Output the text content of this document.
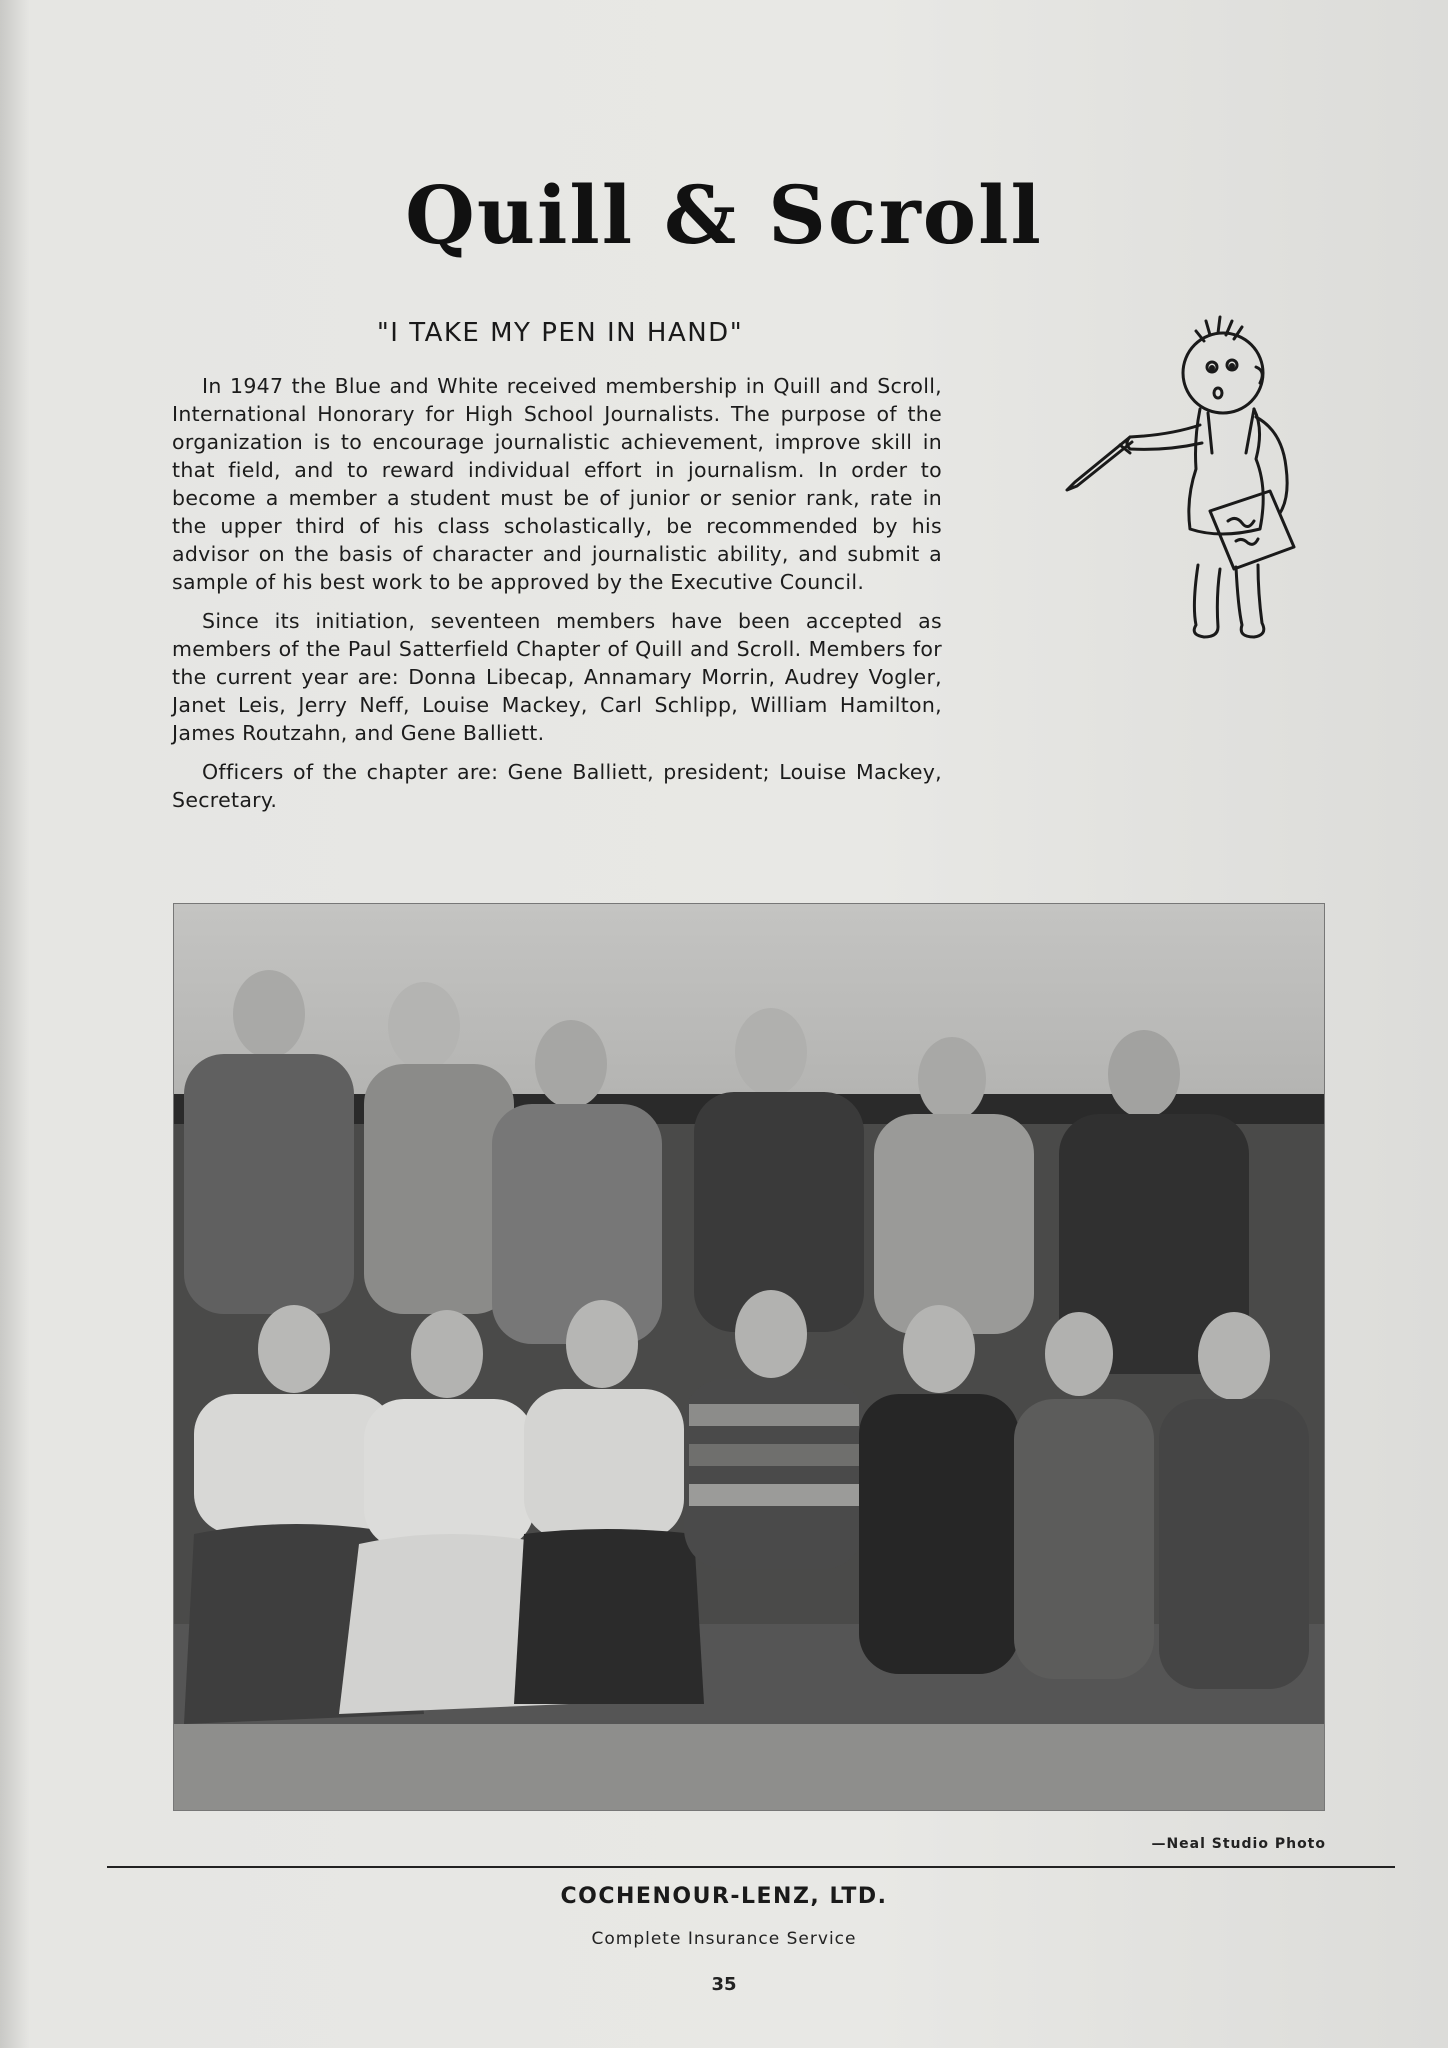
Quill & Scroll
"I TAKE MY PEN IN HAND"

In 1947 the Blue and White received membership in Quill and Scroll, International Honorary for High School Journalists. The purpose of the organization is to encourage journalistic achievement, improve skill in that field, and to reward individual effort in journalism. In order to become a member a student must be of junior or senior rank, rate in the upper third of his class scholastically, be recommended by his advisor on the basis of character and journalistic ability, and submit a sample of his best work to be approved by the Executive Council.

Since its initiation, seventeen members have been accepted as members of the Paul Satterfield Chapter of Quill and Scroll. Members for the current year are: Donna Libecap, Annamary Morrin, Audrey Vogler, Janet Leis, Jerry Neff, Louise Mackey, Carl Schlipp, William Hamilton, James Routzahn, and Gene Balliett.

Officers of the chapter are: Gene Balliett, president; Louise Mackey, Secretary.

—Neal Studio Photo
COCHENOUR-LENZ, LTD.
Complete Insurance Service
35
